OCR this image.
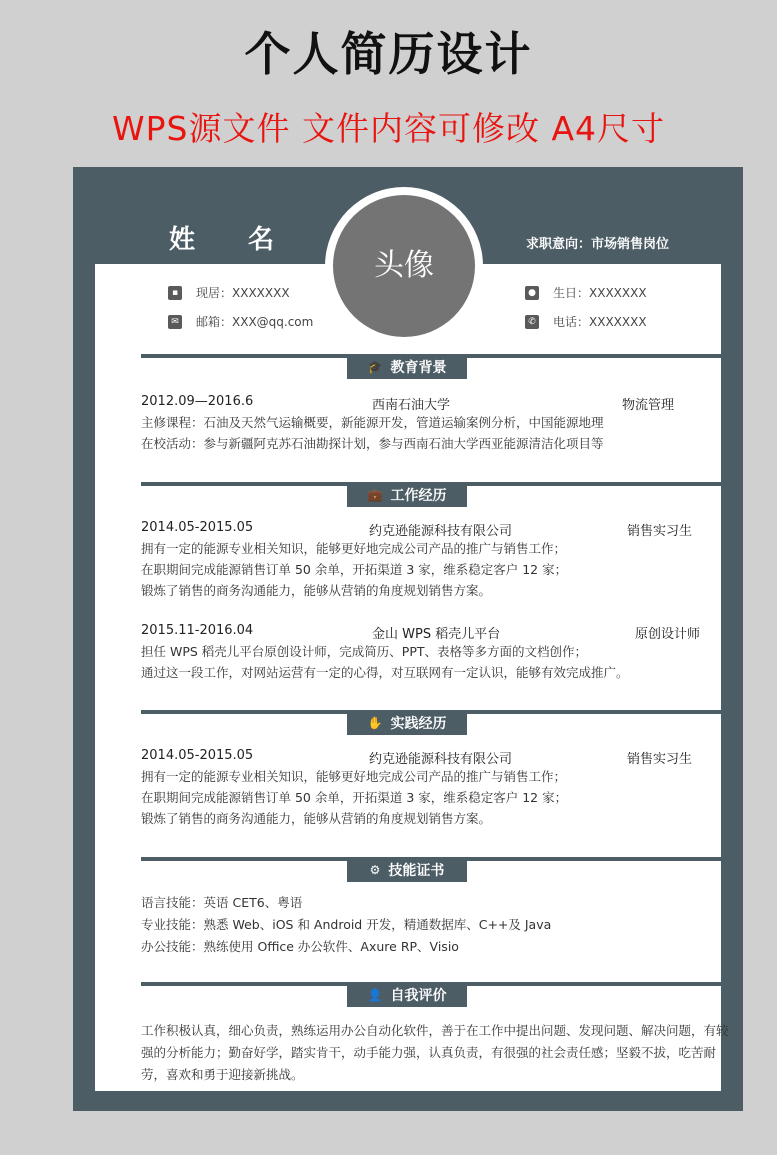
个人简历设计
WPS源文件 文件内容可修改 A4尺寸
姓 名	求职意向：市场销售岗位
▪	现居：XXXXXXX
✉ 邮箱：XXX@qq.com
● 生日：XXXXXXX
✆ 电话：XXXXXXX
🎓 教育背景
2012.09—2016.6	西南石油大学	物流管理
主修课程：石油及天然气运输概要，新能源开发，管道运输案例分析，中国能源地理
在校活动：参与新疆阿克苏石油勘探计划，参与西南石油大学西亚能源清洁化项目等
💼 工作经历
2014.05-2015.05	约克逊能源科技有限公司	销售实习生
拥有一定的能源专业相关知识，能够更好地完成公司产品的推广与销售工作；
在职期间完成能源销售订单 50 余单，开拓渠道 3 家，维系稳定客户 12 家；
锻炼了销售的商务沟通能力，能够从营销的角度规划销售方案。
2015.11-2016.04	金山 WPS 稻壳儿平台	原创设计师
担任 WPS 稻壳儿平台原创设计师，完成简历、PPT、表格等多方面的文档创作；
通过这一段工作，对网站运营有一定的心得，对互联网有一定认识，能够有效完成推广。
✋ 实践经历
2014.05-2015.05	约克逊能源科技有限公司	销售实习生
拥有一定的能源专业相关知识，能够更好地完成公司产品的推广与销售工作；
在职期间完成能源销售订单 50 余单，开拓渠道 3 家，维系稳定客户 12 家；
锻炼了销售的商务沟通能力，能够从营销的角度规划销售方案。
⚙ 技能证书
语言技能：英语 CET6、粤语
专业技能：熟悉 Web、iOS 和 Android 开发，精通数据库、C++及 Java
办公技能：熟练使用 Office 办公软件、Axure RP、Visio
👤 自我评价
工作积极认真，细心负责，熟练运用办公自动化软件，善于在工作中提出问题、发现问题、解决问题，有较强的分析能力；勤奋好学，踏实肯干，动手能力强，认真负责，有很强的社会责任感；坚毅不拔，吃苦耐劳，喜欢和勇于迎接新挑战。
头像
